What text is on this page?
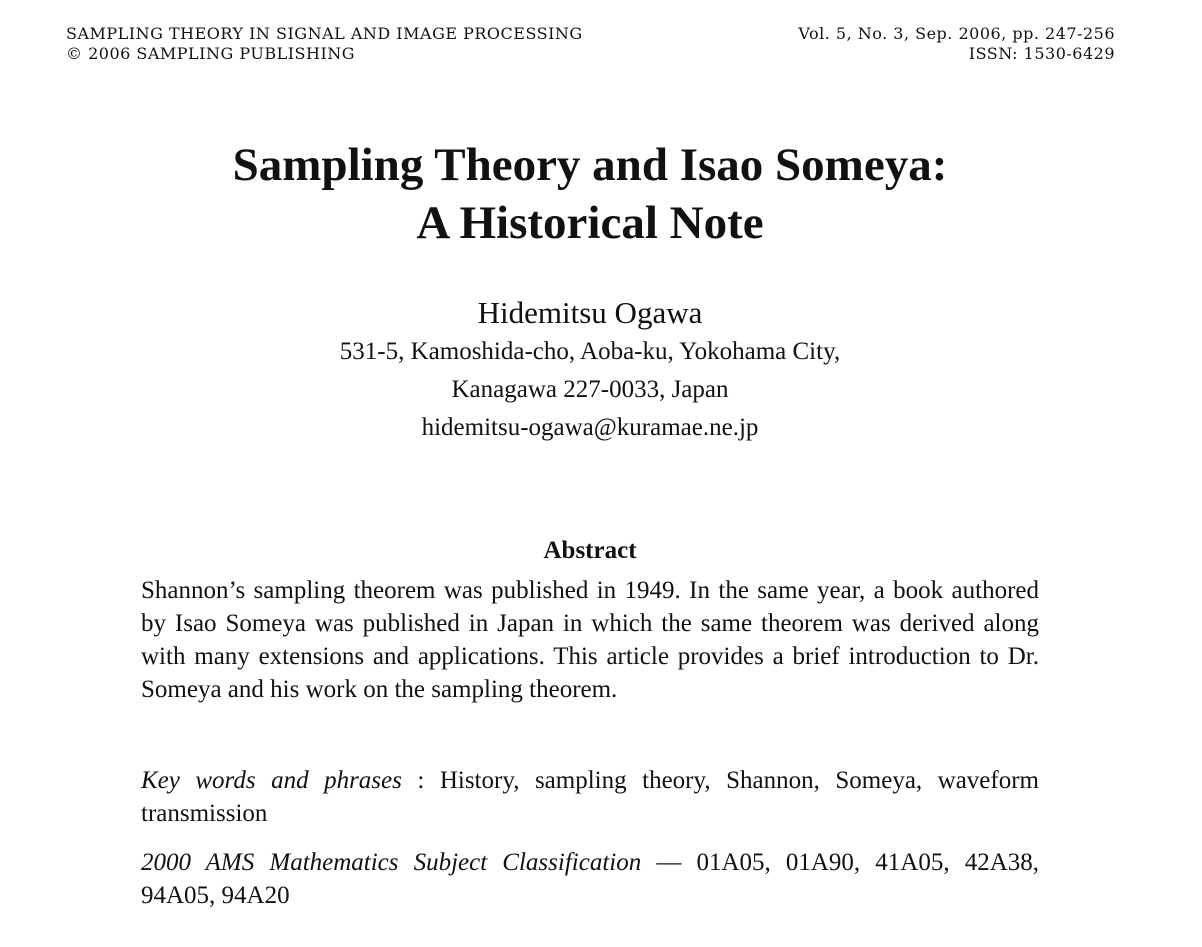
SAMPLING THEORY IN SIGNAL AND IMAGE PROCESSING
© 2006 SAMPLING PUBLISHING
Vol. 5, No. 3, Sep. 2006, pp. 247-256
ISSN: 1530-6429
Sampling Theory and Isao Someya:
A Historical Note
Hidemitsu Ogawa
531-5, Kamoshida-cho, Aoba-ku, Yokohama City,
Kanagawa 227-0033, Japan
hidemitsu-ogawa@kuramae.ne.jp
Abstract

Shannon’s sampling theorem was published in 1949. In the same year, a book authored by Isao Someya was published in Japan in which the same theorem was derived along with many extensions and applications. This article provides a brief introduction to Dr. Someya and his work on the sampling theorem.

Key words and phrases : History, sampling theory, Shannon, Someya, waveform transmission

2000 AMS Mathematics Subject Classification — 01A05, 01A90, 41A05, 42A38, 94A05, 94A20
